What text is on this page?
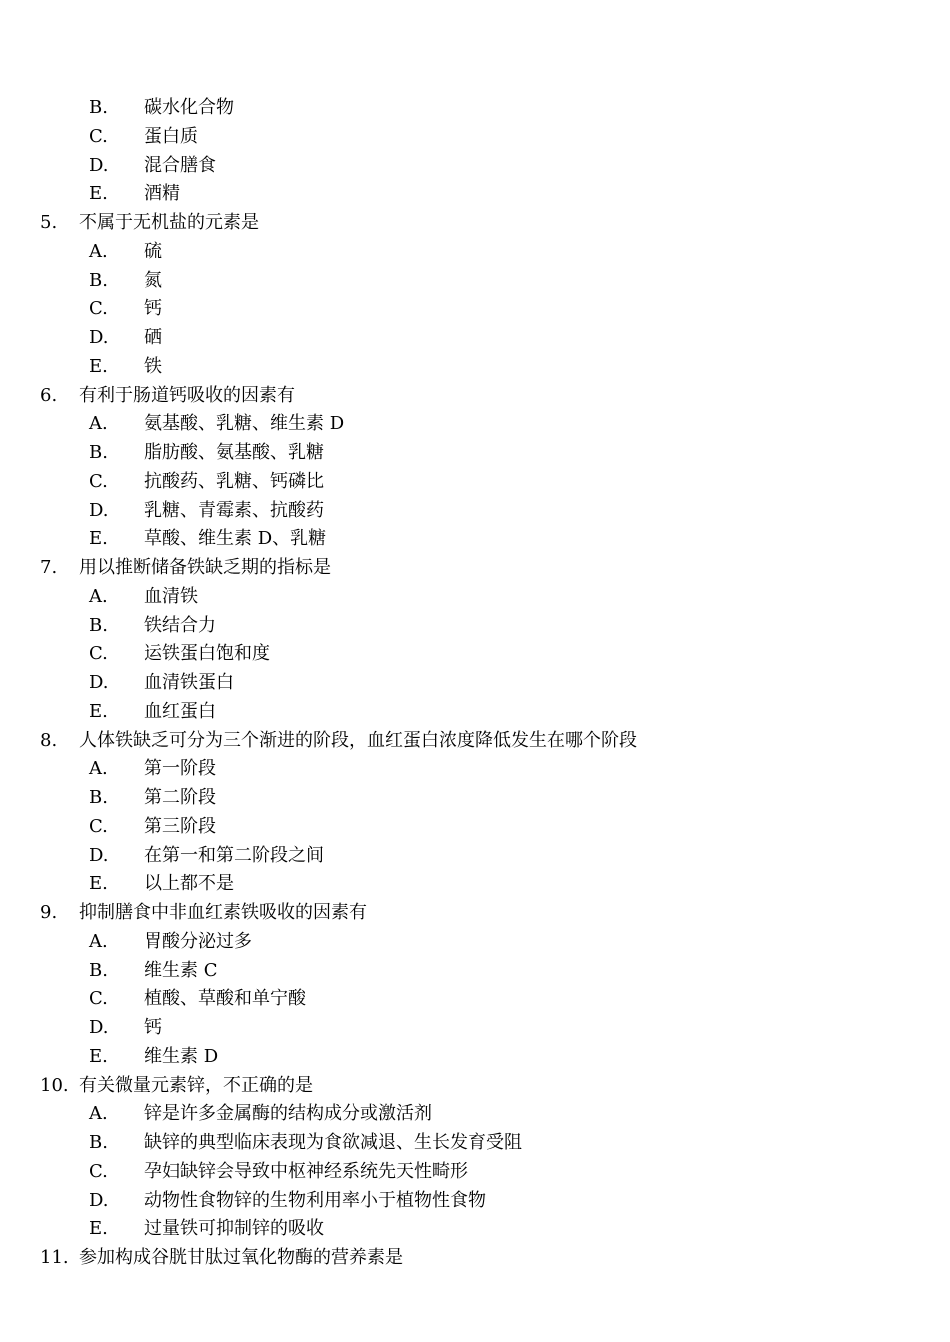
B. 碳水化合物
C. 蛋白质
D. 混合膳食
E. 酒精
5. 不属于无机盐的元素是
A. 硫
B. 氮
C. 钙
D. 硒
E. 铁
6. 有利于肠道钙吸收的因素有
A. 氨基酸、乳糖、维生素 D
B. 脂肪酸、氨基酸、乳糖
C. 抗酸药、乳糖、钙磷比
D. 乳糖、青霉素、抗酸药
E. 草酸、维生素 D、乳糖
7. 用以推断储备铁缺乏期的指标是
A. 血清铁
B. 铁结合力
C. 运铁蛋白饱和度
D. 血清铁蛋白
E. 血红蛋白
8. 人体铁缺乏可分为三个渐进的阶段，血红蛋白浓度降低发生在哪个阶段
A. 第一阶段
B. 第二阶段
C. 第三阶段
D. 在第一和第二阶段之间
E. 以上都不是
9. 抑制膳食中非血红素铁吸收的因素有
A. 胃酸分泌过多
B. 维生素 C
C. 植酸、草酸和单宁酸
D. 钙
E. 维生素 D
10. 有关微量元素锌，不正确的是
A. 锌是许多金属酶的结构成分或激活剂
B. 缺锌的典型临床表现为食欲减退、生长发育受阻
C. 孕妇缺锌会导致中枢神经系统先天性畸形
D. 动物性食物锌的生物利用率小于植物性食物
E. 过量铁可抑制锌的吸收
11. 参加构成谷胱甘肽过氧化物酶的营养素是
